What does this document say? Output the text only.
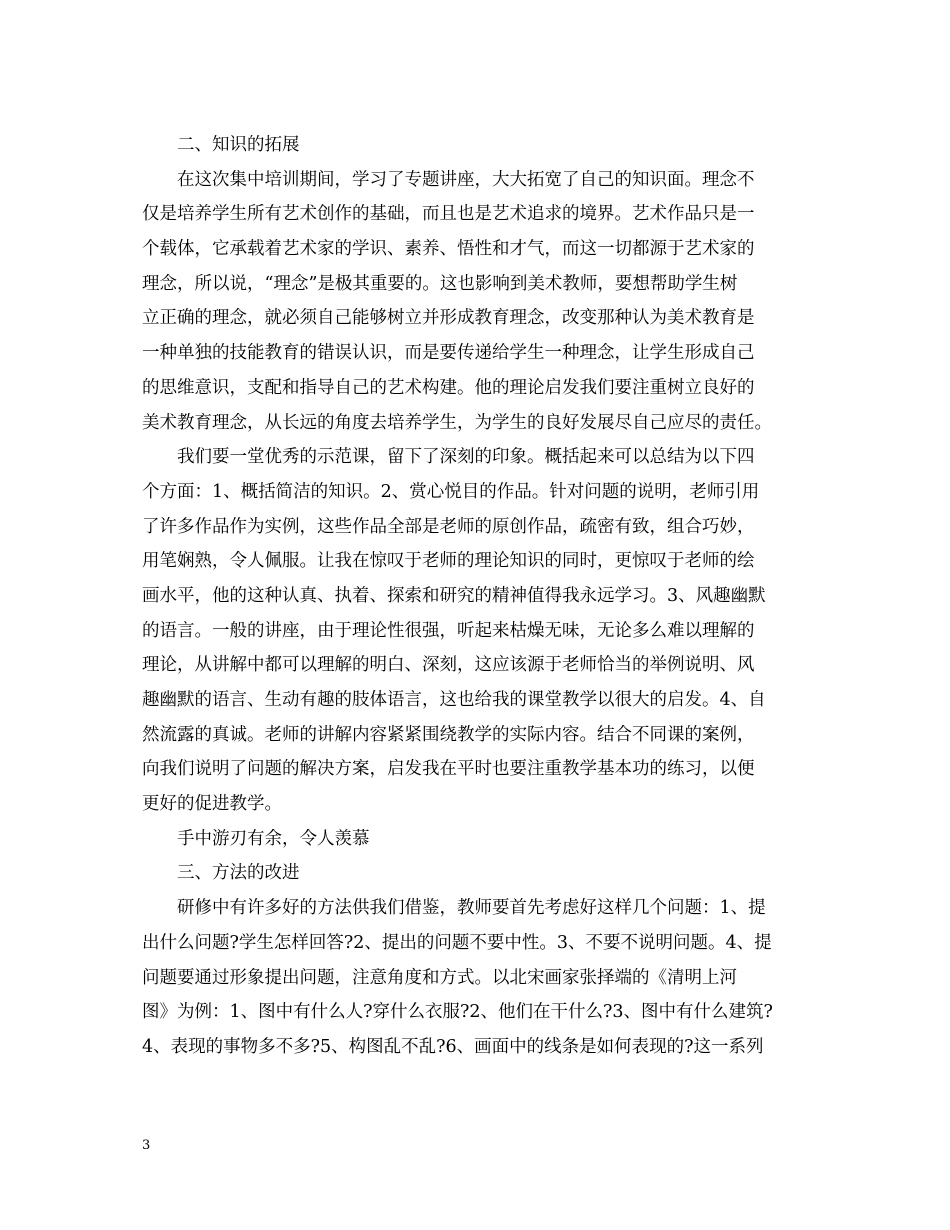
二、知识的拓展
在这次集中培训期间，学习了专题讲座，大大拓宽了自己的知识面。理念不
仅是培养学生所有艺术创作的基础，而且也是艺术追求的境界。艺术作品只是一
个载体，它承载着艺术家的学识、素养、悟性和才气，而这一切都源于艺术家的
理念，所以说，“理念”是极其重要的。这也影响到美术教师，要想帮助学生树
立正确的理念，就必须自己能够树立并形成教育理念，改变那种认为美术教育是
一种单独的技能教育的错误认识，而是要传递给学生一种理念，让学生形成自己
的思维意识，支配和指导自己的艺术构建。他的理论启发我们要注重树立良好的
美术教育理念，从长远的角度去培养学生，为学生的良好发展尽自己应尽的责任。
我们要一堂优秀的示范课，留下了深刻的印象。概括起来可以总结为以下四
个方面：1、概括简洁的知识。2、赏心悦目的作品。针对问题的说明，老师引用
了许多作品作为实例，这些作品全部是老师的原创作品，疏密有致，组合巧妙，
用笔娴熟，令人佩服。让我在惊叹于老师的理论知识的同时，更惊叹于老师的绘
画水平，他的这种认真、执着、探索和研究的精神值得我永远学习。3、风趣幽默
的语言。一般的讲座，由于理论性很强，听起来枯燥无味，无论多么难以理解的
理论，从讲解中都可以理解的明白、深刻，这应该源于老师恰当的举例说明、风
趣幽默的语言、生动有趣的肢体语言，这也给我的课堂教学以很大的启发。4、自
然流露的真诚。老师的讲解内容紧紧围绕教学的实际内容。结合不同课的案例，
向我们说明了问题的解决方案，启发我在平时也要注重教学基本功的练习，以便
更好的促进教学。
手中游刃有余，令人羡慕
三、方法的改进
研修中有许多好的方法供我们借鉴，教师要首先考虑好这样几个问题：1、提
出什么问题?学生怎样回答?2、提出的问题不要中性。3、不要不说明问题。4、提
问题要通过形象提出问题，注意角度和方式。以北宋画家张择端的《清明上河
图》为例：1、图中有什么人?穿什么衣服?2、他们在干什么?3、图中有什么建筑?
4、表现的事物多不多?5、构图乱不乱?6、画面中的线条是如何表现的?这一系列
3
